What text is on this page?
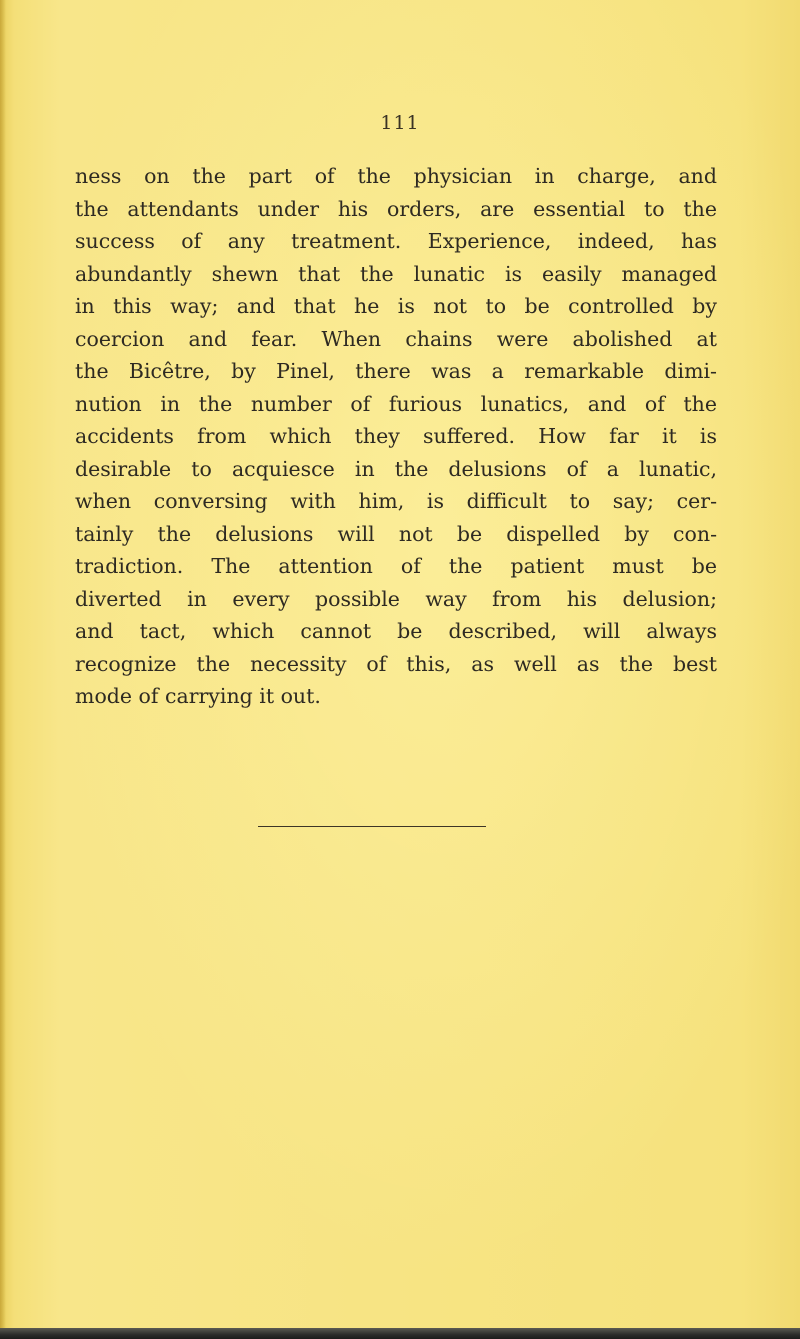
111

ness on the part of the physician in charge, and
the attendants under his orders, are essential to the
success of any treatment. Experience, indeed, has
abundantly shewn that the lunatic is easily managed
in this way; and that he is not to be controlled by
coercion and fear. When chains were abolished at
the Bicêtre, by Pinel, there was a remarkable dimi-
nution in the number of furious lunatics, and of the
accidents from which they suffered. How far it is
desirable to acquiesce in the delusions of a lunatic,
when conversing with him, is difficult to say; cer-
tainly the delusions will not be dispelled by con-
tradiction. The attention of the patient must be
diverted in every possible way from his delusion;
and tact, which cannot be described, will always
recognize the necessity of this, as well as the best
mode of carrying it out.
